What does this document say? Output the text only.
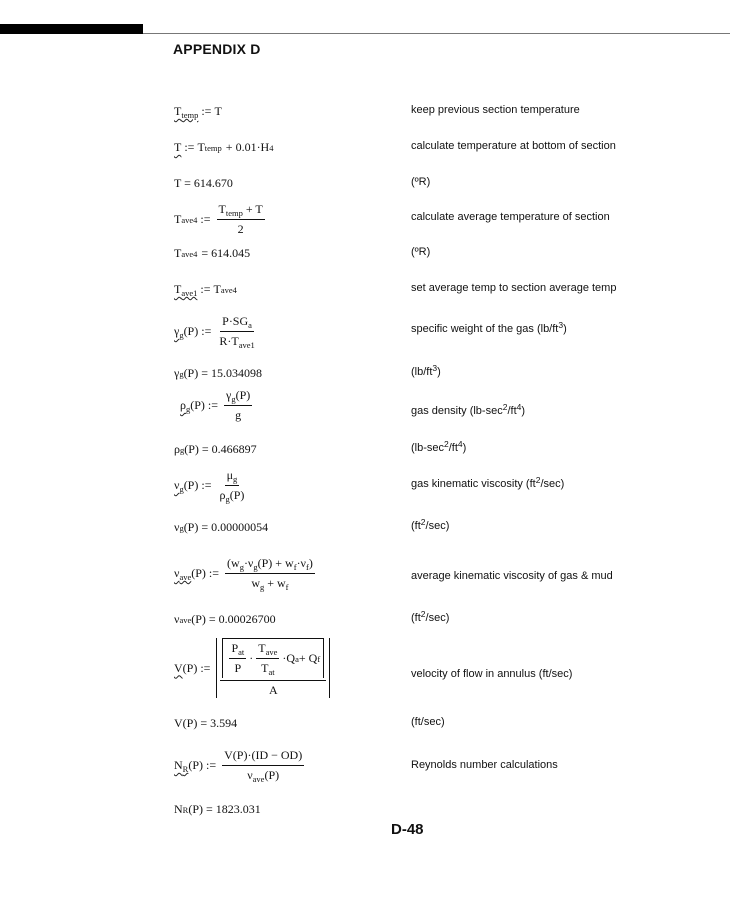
APPENDIX D
$T_{temp}$ := T	keep previous section temperature
T := T temp + 0.01·H 4	calculate temperature at bottom of section
T = 614.670	(ºR)
T ave4 := $\frac{T_{temp} + T}{2}$	calculate average temperature of section
T ave4 = 614.045	(ºR)
$T_{ave1}$ := T ave4	set average temp to section average temp
$\gamma_g$ (P) := $\frac{P\cdot SG_a}{R\cdot T_{ave1}}$	specific weight of the gas $(lb/ft^3)$
γ g (P) = 15.034098	$(lb/ft^3)$
$\rho_g$ (P) := $\frac{\gamma_g(P)}{g}$	gas density $(lb-\sec^2/ft^4)$
ρ g (P) = 0.466897	$(lb-\sec^2/ft^4)$
$\nu_g$ (P) := $\frac{\mu_g}{\rho_g(P)}$	gas kinematic viscosity $(ft^2/\sec)$
ν g (P) = 0.00000054	$(ft^2/\sec)$
$\nu_{ave}$ (P) := $\frac{(w_g\cdot\nu_g(P) + w_f\cdot\nu_f)}{w_g + w_f}$	average kinematic viscosity of gas & mud
ν ave (P) = 0.00026700	$(ft^2/\sec)$
V (P) := $\frac{\frac{P_{at}}{P} \cdot \frac{T_{ave}}{T_{at}} \cdot Q a + Q f}{A}$	velocity of flow in annulus (ft/sec)
V(P) = 3.594	(ft/sec)
$N_R$ (P) := $\frac{V(P)\cdot(ID - OD)}{\nu_{ave}(P)}$	Reynolds number calculations
N R (P) = 1823.031
D-48
